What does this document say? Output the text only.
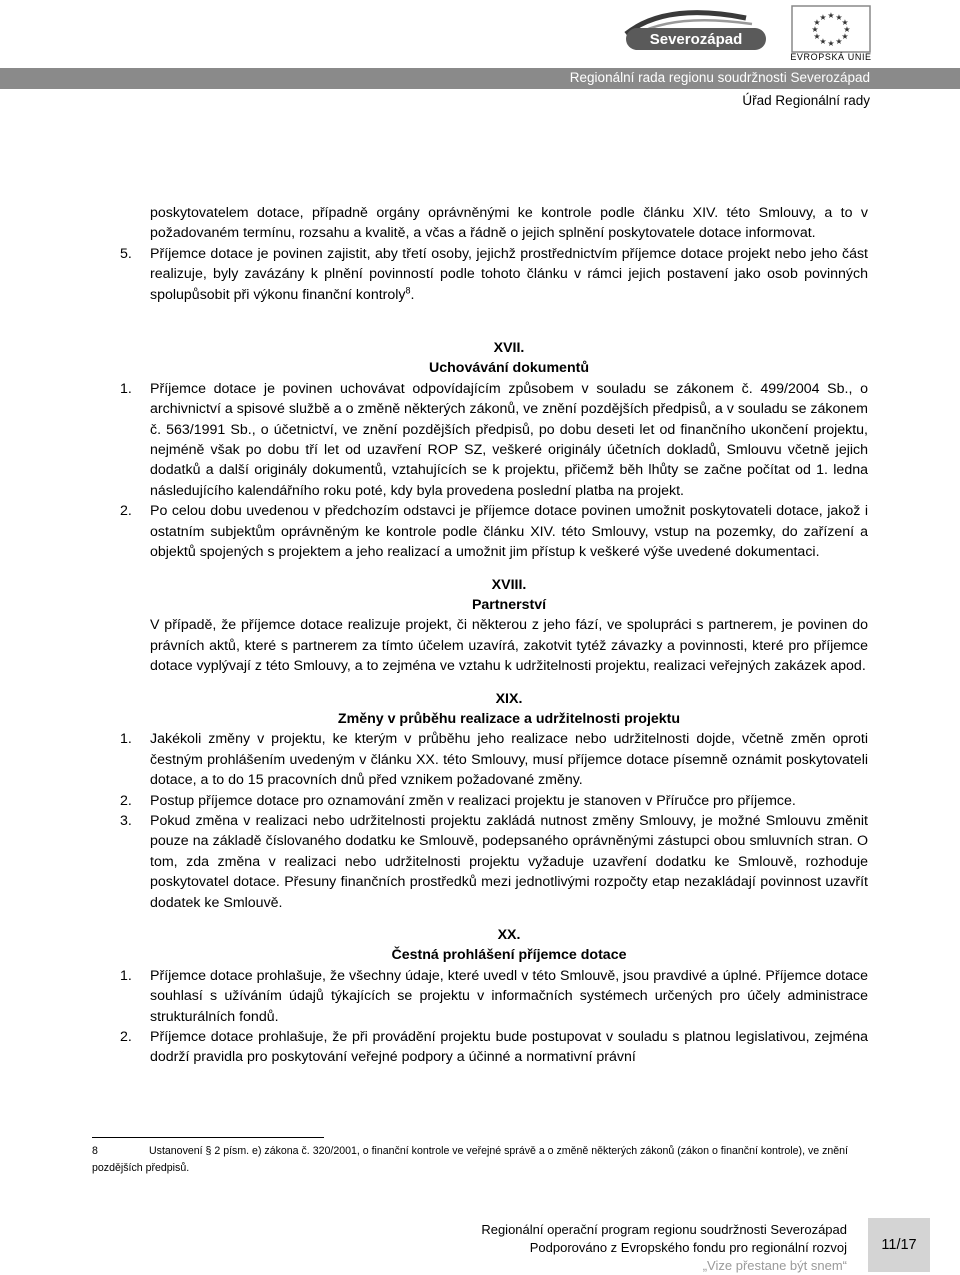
Severozápad
★ ★
★
★
★
★
★
★
★
★
★
★
EVROPSKÁ UNIE
Regionální rada regionu soudržnosti Severozápad
Úřad Regionální rady

poskytovatelem dotace, případně orgány oprávněnými ke kontrole podle článku XIV. této Smlouvy, a to v požadovaném termínu, rozsahu a kvalitě, a včas a řádně o jejich splnění poskytovatele dotace informovat.

5. Příjemce dotace je povinen zajistit, aby třetí osoby, jejichž prostřednictvím příjemce dotace projekt nebo jeho část realizuje, byly zavázány k plnění povinností podle tohoto článku v rámci jejich postavení jako osob povinných spolupůsobit při výkonu finanční kontroly$^8$.
XVII.
Uchovávání dokumentů
1. Příjemce dotace je povinen uchovávat odpovídajícím způsobem v souladu se zákonem č. 499/2004 Sb., o archivnictví a spisové službě a o změně některých zákonů, ve znění pozdějších předpisů, a v souladu se zákonem č. 563/1991 Sb., o účetnictví, ve znění pozdějších předpisů, po dobu deseti let od finančního ukončení projektu, nejméně však po dobu tří let od uzavření ROP SZ, veškeré originály účetních dokladů, Smlouvu včetně jejich dodatků a další originály dokumentů, vztahujících se k projektu, přičemž běh lhůty se začne počítat od 1. ledna následujícího kalendářního roku poté, kdy byla provedena poslední platba na projekt.
2. Po celou dobu uvedenou v předchozím odstavci je příjemce dotace povinen umožnit poskytovateli dotace, jakož i ostatním subjektům oprávněným ke kontrole podle článku XIV. této Smlouvy, vstup na pozemky, do zařízení a objektů spojených s projektem a jeho realizací a umožnit jim přístup k veškeré výše uvedené dokumentaci.
XVIII.
Partnerství

V případě, že příjemce dotace realizuje projekt, či některou z jeho fází, ve spolupráci s partnerem, je povinen do právních aktů, které s partnerem za tímto účelem uzavírá, zakotvit tytéž závazky a povinnosti, které pro příjemce dotace vyplývají z této Smlouvy, a to zejména ve vztahu k udržitelnosti projektu, realizaci veřejných zakázek apod.

XIX.
Změny v průběhu realizace a udržitelnosti projektu
1. Jakékoli změny v projektu, ke kterým v průběhu jeho realizace nebo udržitelnosti dojde, včetně změn oproti čestným prohlášením uvedeným v článku XX. této Smlouvy, musí příjemce dotace písemně oznámit poskytovateli dotace, a to do 15 pracovních dnů před vznikem požadované změny.
2. Postup příjemce dotace pro oznamování změn v realizaci projektu je stanoven v Příručce pro příjemce.
3. Pokud změna v realizaci nebo udržitelnosti projektu zakládá nutnost změny Smlouvy, je možné Smlouvu změnit pouze na základě číslovaného dodatku ke Smlouvě, podepsaného oprávněnými zástupci obou smluvních stran. O tom, zda změna v realizaci nebo udržitelnosti projektu vyžaduje uzavření dodatku ke Smlouvě, rozhoduje poskytovatel dotace. Přesuny finančních prostředků mezi jednotlivými rozpočty etap nezakládají povinnost uzavřít dodatek ke Smlouvě.
XX.
Čestná prohlášení příjemce dotace
1. Příjemce dotace prohlašuje, že všechny údaje, které uvedl v této Smlouvě, jsou pravdivé a úplné. Příjemce dotace souhlasí s užíváním údajů týkajících se projektu v informačních systémech určených pro účely administrace strukturálních fondů.
2. Příjemce dotace prohlašuje, že při provádění projektu bude postupovat v souladu s platnou legislativou, zejména dodrží pravidla pro poskytování veřejné podpory a účinné a normativní právní
8	Ustanovení § 2 písm. e) zákona č. 320/2001, o finanční kontrole ve veřejné správě a o změně některých zákonů (zákon o finanční kontrole), ve znění pozdějších předpisů.
Regionální operační program regionu soudržnosti Severozápad
Podporováno z Evropského fondu pro regionální rozvoj
„Vize přestane být snem“
11/17
